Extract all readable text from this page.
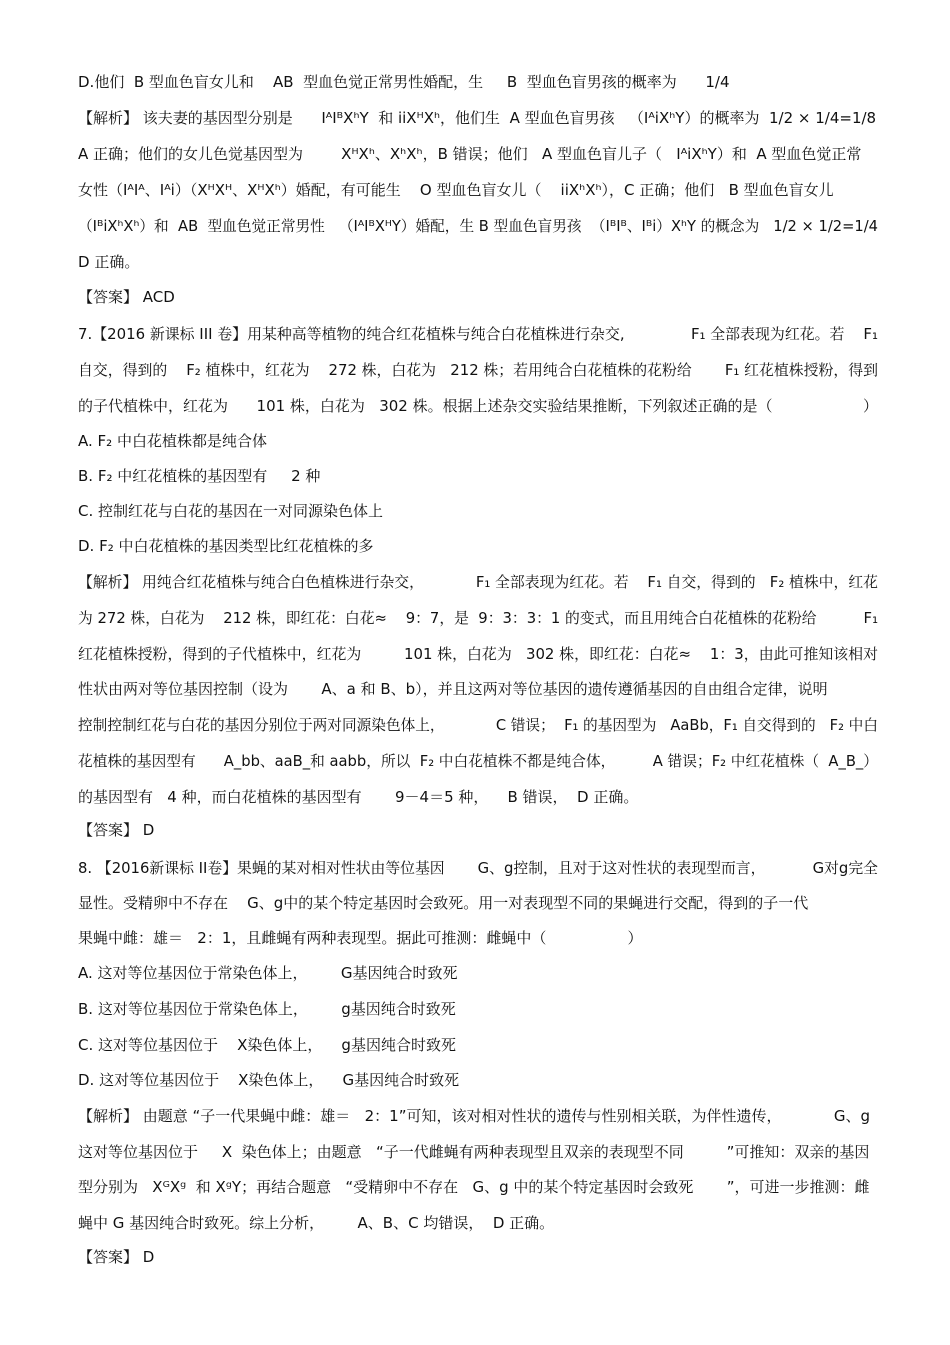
D.他们  B 型血色盲女儿和    AB  型血色觉正常男性婚配，生     B  型血色盲男孩的概率为      1/4
【解析】 该夫妻的基因型分别是      IᴬIᴮXʰY  和 iiXᴴXʰ，他们生  A 型血色盲男孩   （IᴬiXʰY）的概率为  1/2 × 1/4=1/8
A 正确；他们的女儿色觉基因型为        XᴴXʰ、XʰXʰ，B 错误；他们   A 型血色盲儿子（   IᴬiXʰY）和  A 型血色觉正常
女性（IᴬIᴬ、Iᴬi）（XᴴXᴴ、XᴴXʰ）婚配，有可能生    O 型血色盲女儿（    iiXʰXʰ），C 正确；他们   B 型血色盲女儿
（IᴮiXʰXʰ）和  AB  型血色觉正常男性   （IᴬIᴮXᴴY）婚配，生 B 型血色盲男孩  （IᴮIᴮ、Iᴮi）XʰY 的概念为   1/2 × 1/2=1/4
D 正确。
【答案】 ACD
7.【2016 新课标 III 卷】用某种高等植物的纯合红花植株与纯合白花植株进行杂交,              F₁ 全部表现为红花。若    F₁
自交，得到的    F₂ 植株中，红花为    272 株，白花为   212 株；若用纯合白花植株的花粉给       F₁ 红花植株授粉，得到
的子代植株中，红花为      101 株，白花为   302 株。根据上述杂交实验结果推断，下列叙述正确的是（                   ）
A. F₂ 中白花植株都是纯合体
B. F₂ 中红花植株的基因型有     2 种
C. 控制红花与白花的基因在一对同源染色体上
D. F₂ 中白花植株的基因类型比红花植株的多
【解析】 用纯合红花植株与纯合白色植株进行杂交，           F₁ 全部表现为红花。若    F₁ 自交，得到的   F₂ 植株中，红花
为 272 株，白花为    212 株，即红花：白花≈    9：7，是  9：3：3：1 的变式，而且用纯合白花植株的花粉给          F₁
红花植株授粉，得到的子代植株中，红花为         101 株，白花为   302 株，即红花：白花≈    1：3，由此可推知该相对
性状由两对等位基因控制（设为       A、a 和 B、b），并且这两对等位基因的遗传遵循基因的自由组合定律，说明
控制控制红花与白花的基因分别位于两对同源染色体上，           C 错误；  F₁ 的基因型为   AaBb，F₁ 自交得到的   F₂ 中白
花植株的基因型有      A_bb、aaB_和 aabb，所以  F₂ 中白花植株不都是纯合体，        A 错误；F₂ 中红花植株（  A_B_）
的基因型有   4 种，而白花植株的基因型有       9－4＝5 种，    B 错误，  D 正确。
【答案】 D
8. 【2016新课标 II卷】果蝇的某对相对性状由等位基因       G、g控制，且对于这对性状的表现型而言，          G对g完全
显性。受精卵中不存在    G、g中的某个特定基因时会致死。用一对表现型不同的果蝇进行交配，得到的子一代
果蝇中雌：雄＝   2：1，且雌蝇有两种表现型。据此可推测：雌蝇中（                 ）
A. 这对等位基因位于常染色体上，       G基因纯合时致死
B. 这对等位基因位于常染色体上，       g基因纯合时致死
C. 这对等位基因位于    X染色体上，    g基因纯合时致死
D. 这对等位基因位于    X染色体上，    G基因纯合时致死
【解析】 由题意 “子一代果蝇中雌：雄＝   2：1”可知，该对相对性状的遗传与性别相关联，为伴性遗传，           G、g
这对等位基因位于     X  染色体上；由题意   “子一代雌蝇有两种表现型且双亲的表现型不同         ”可推知：双亲的基因
型分别为   XᴳXᵍ  和 XᵍY；再结合题意   “受精卵中不存在   G、g 中的某个特定基因时会致死       ”，可进一步推测：雌
蝇中 G 基因纯合时致死。综上分析，       A、B、C 均错误，  D 正确。
【答案】 D
